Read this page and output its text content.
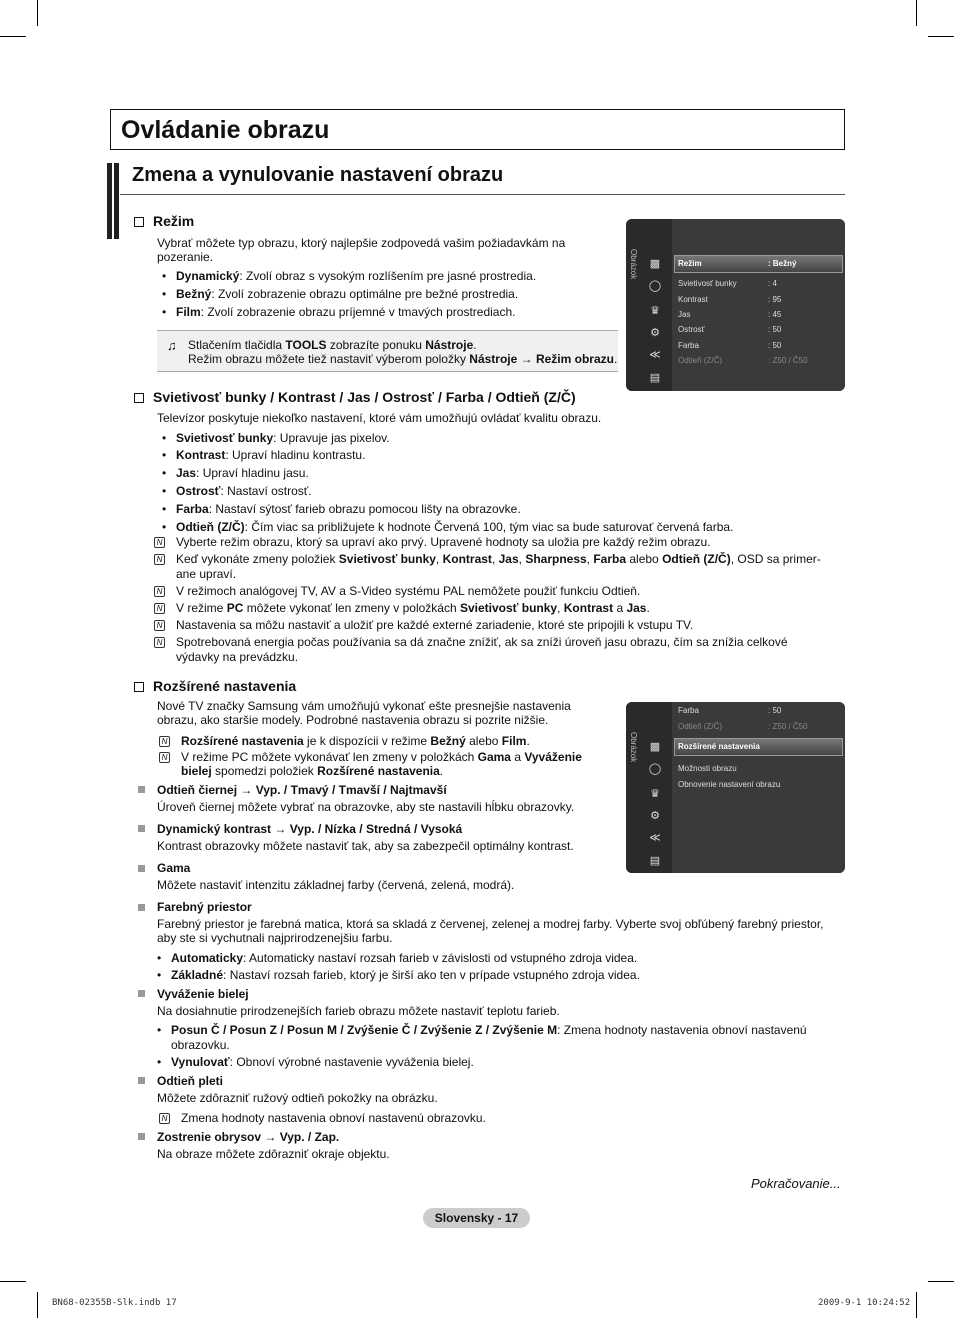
Ovládanie obrazu
Zmena a vynulovanie nastavení obrazu
Režim
Vybrať môžete typ obrazu, ktorý najlepšie zodpovedá vašim požiadavkám na
pozeranie.
• Dynamický: Zvolí obraz s vysokým rozlíšením pre jasné prostredia.
• Bežný: Zvolí zobrazenie obrazu optimálne pre bežné prostredia.
• Film: Zvolí zobrazenie obrazu príjemné v tmavých prostrediach.
♫ Stlačením tlačidla TOOLS zobrazíte ponuku Nástroje.
Režim obrazu môžete tiež nastaviť výberom položky Nástroje → Režim obrazu.
Obrázok ▩
◯
♛
⚙
≪
▤
Režim	: Bežný
Svietivosť bunky	: 4
Kontrast	: 95
Jas	: 45
Ostrosť	: 50
Farba	: 50
Odtieň (Z/Č)	: Z50 / Č50
Svietivosť bunky / Kontrast / Jas / Ostrosť / Farba / Odtieň (Z/Č)
Televízor poskytuje niekoľko nastavení, ktoré vám umožňujú ovládať kvalitu obrazu.
• Svietivosť bunky: Upravuje jas pixelov.
• Kontrast: Upraví hladinu kontrastu.
• Jas: Upraví hladinu jasu.
• Ostrosť: Nastaví ostrosť.
• Farba: Nastaví sýtosť farieb obrazu pomocou lišty na obrazovke.
• Odtieň (Z/Č): Čím viac sa približujete k hodnote Červená 100, tým viac sa bude saturovať červená farba.
N Vyberte režim obrazu, ktorý sa upraví ako prvý. Upravené hodnoty sa uložia pre každý režim obrazu.
N Keď vykonáte zmeny položiek Svietivosť bunky, Kontrast, Jas, Sharpness, Farba alebo Odtieň (Z/Č), OSD sa primer-
ane upraví.
N V režimoch analógovej TV, AV a S-Video systému PAL nemôžete použiť funkciu Odtieň.
N V režime PC môžete vykonať len zmeny v položkách Svietivosť bunky, Kontrast a Jas.
N Nastavenia sa môžu nastaviť a uložiť pre každé externé zariadenie, ktoré ste pripojili k vstupu TV.
N Spotrebovaná energia počas používania sa dá značne znížiť, ak sa zníži úroveň jasu obrazu, čím sa znížia celkové
výdavky na prevádzku.
Rozšírené nastavenia
Nové TV značky Samsung vám umožňujú vykonať ešte presnejšie nastavenia
obrazu, ako staršie modely. Podrobné nastavenia obrazu si pozrite nižšie.
N Rozšírené nastavenia je k dispozícii v režime Bežný alebo Film.
N V režime PC môžete vykonávať len zmeny v položkách Gama a Vyváženie
bielej spomedzi položiek Rozšírené nastavenia.
Odtieň čiernej → Vyp. / Tmavý / Tmavší / Najtmavší
Úroveň čiernej môžete vybrať na obrazovke, aby ste nastavili hĺbku obrazovky.
Dynamický kontrast → Vyp. / Nízka / Stredná / Vysoká
Kontrast obrazovky môžete nastaviť tak, aby sa zabezpečil optimálny kontrast.
Gama
Môžete nastaviť intenzitu základnej farby (červená, zelená, modrá).
Farebný priestor
Farebný priestor je farebná matica, ktorá sa skladá z červenej, zelenej a modrej farby. Vyberte svoj obľúbený farebný priestor,
aby ste si vychutnali najprirodzenejšiu farbu.
• Automaticky: Automaticky nastaví rozsah farieb v závislosti od vstupného zdroja videa.
• Základné: Nastaví rozsah farieb, ktorý je širší ako ten v prípade vstupného zdroja videa.
Vyváženie bielej
Na dosiahnutie prirodzenejších farieb obrazu môžete nastaviť teplotu farieb.
• Posun Č / Posun Z / Posun M / Zvýšenie Č / Zvýšenie Z / Zvýšenie M: Zmena hodnoty nastavenia obnoví nastavenú
obrazovku.
• Vynulovať: Obnoví výrobné nastavenie vyváženia bielej.
Odtieň pleti
Môžete zdôrazniť ružový odtieň pokožky na obrázku.
N Zmena hodnoty nastavenia obnoví nastavenú obrazovku.
Zostrenie obrysov → Vyp. / Zap.
Na obraze môžete zdôrazniť okraje objektu.
Obrázok ▩
◯
♛
⚙
≪
▤
Farba	: 50
Odtieň (Z/Č)	: Z50 / Č50
Rozšírené nastavenia
Možnosti obrazu
Obnovenie nastavení obrazu
Pokračovanie...
Slovensky - 17
BN68-02355B-Slk.indb 17	2009-9-1 10:24:52
